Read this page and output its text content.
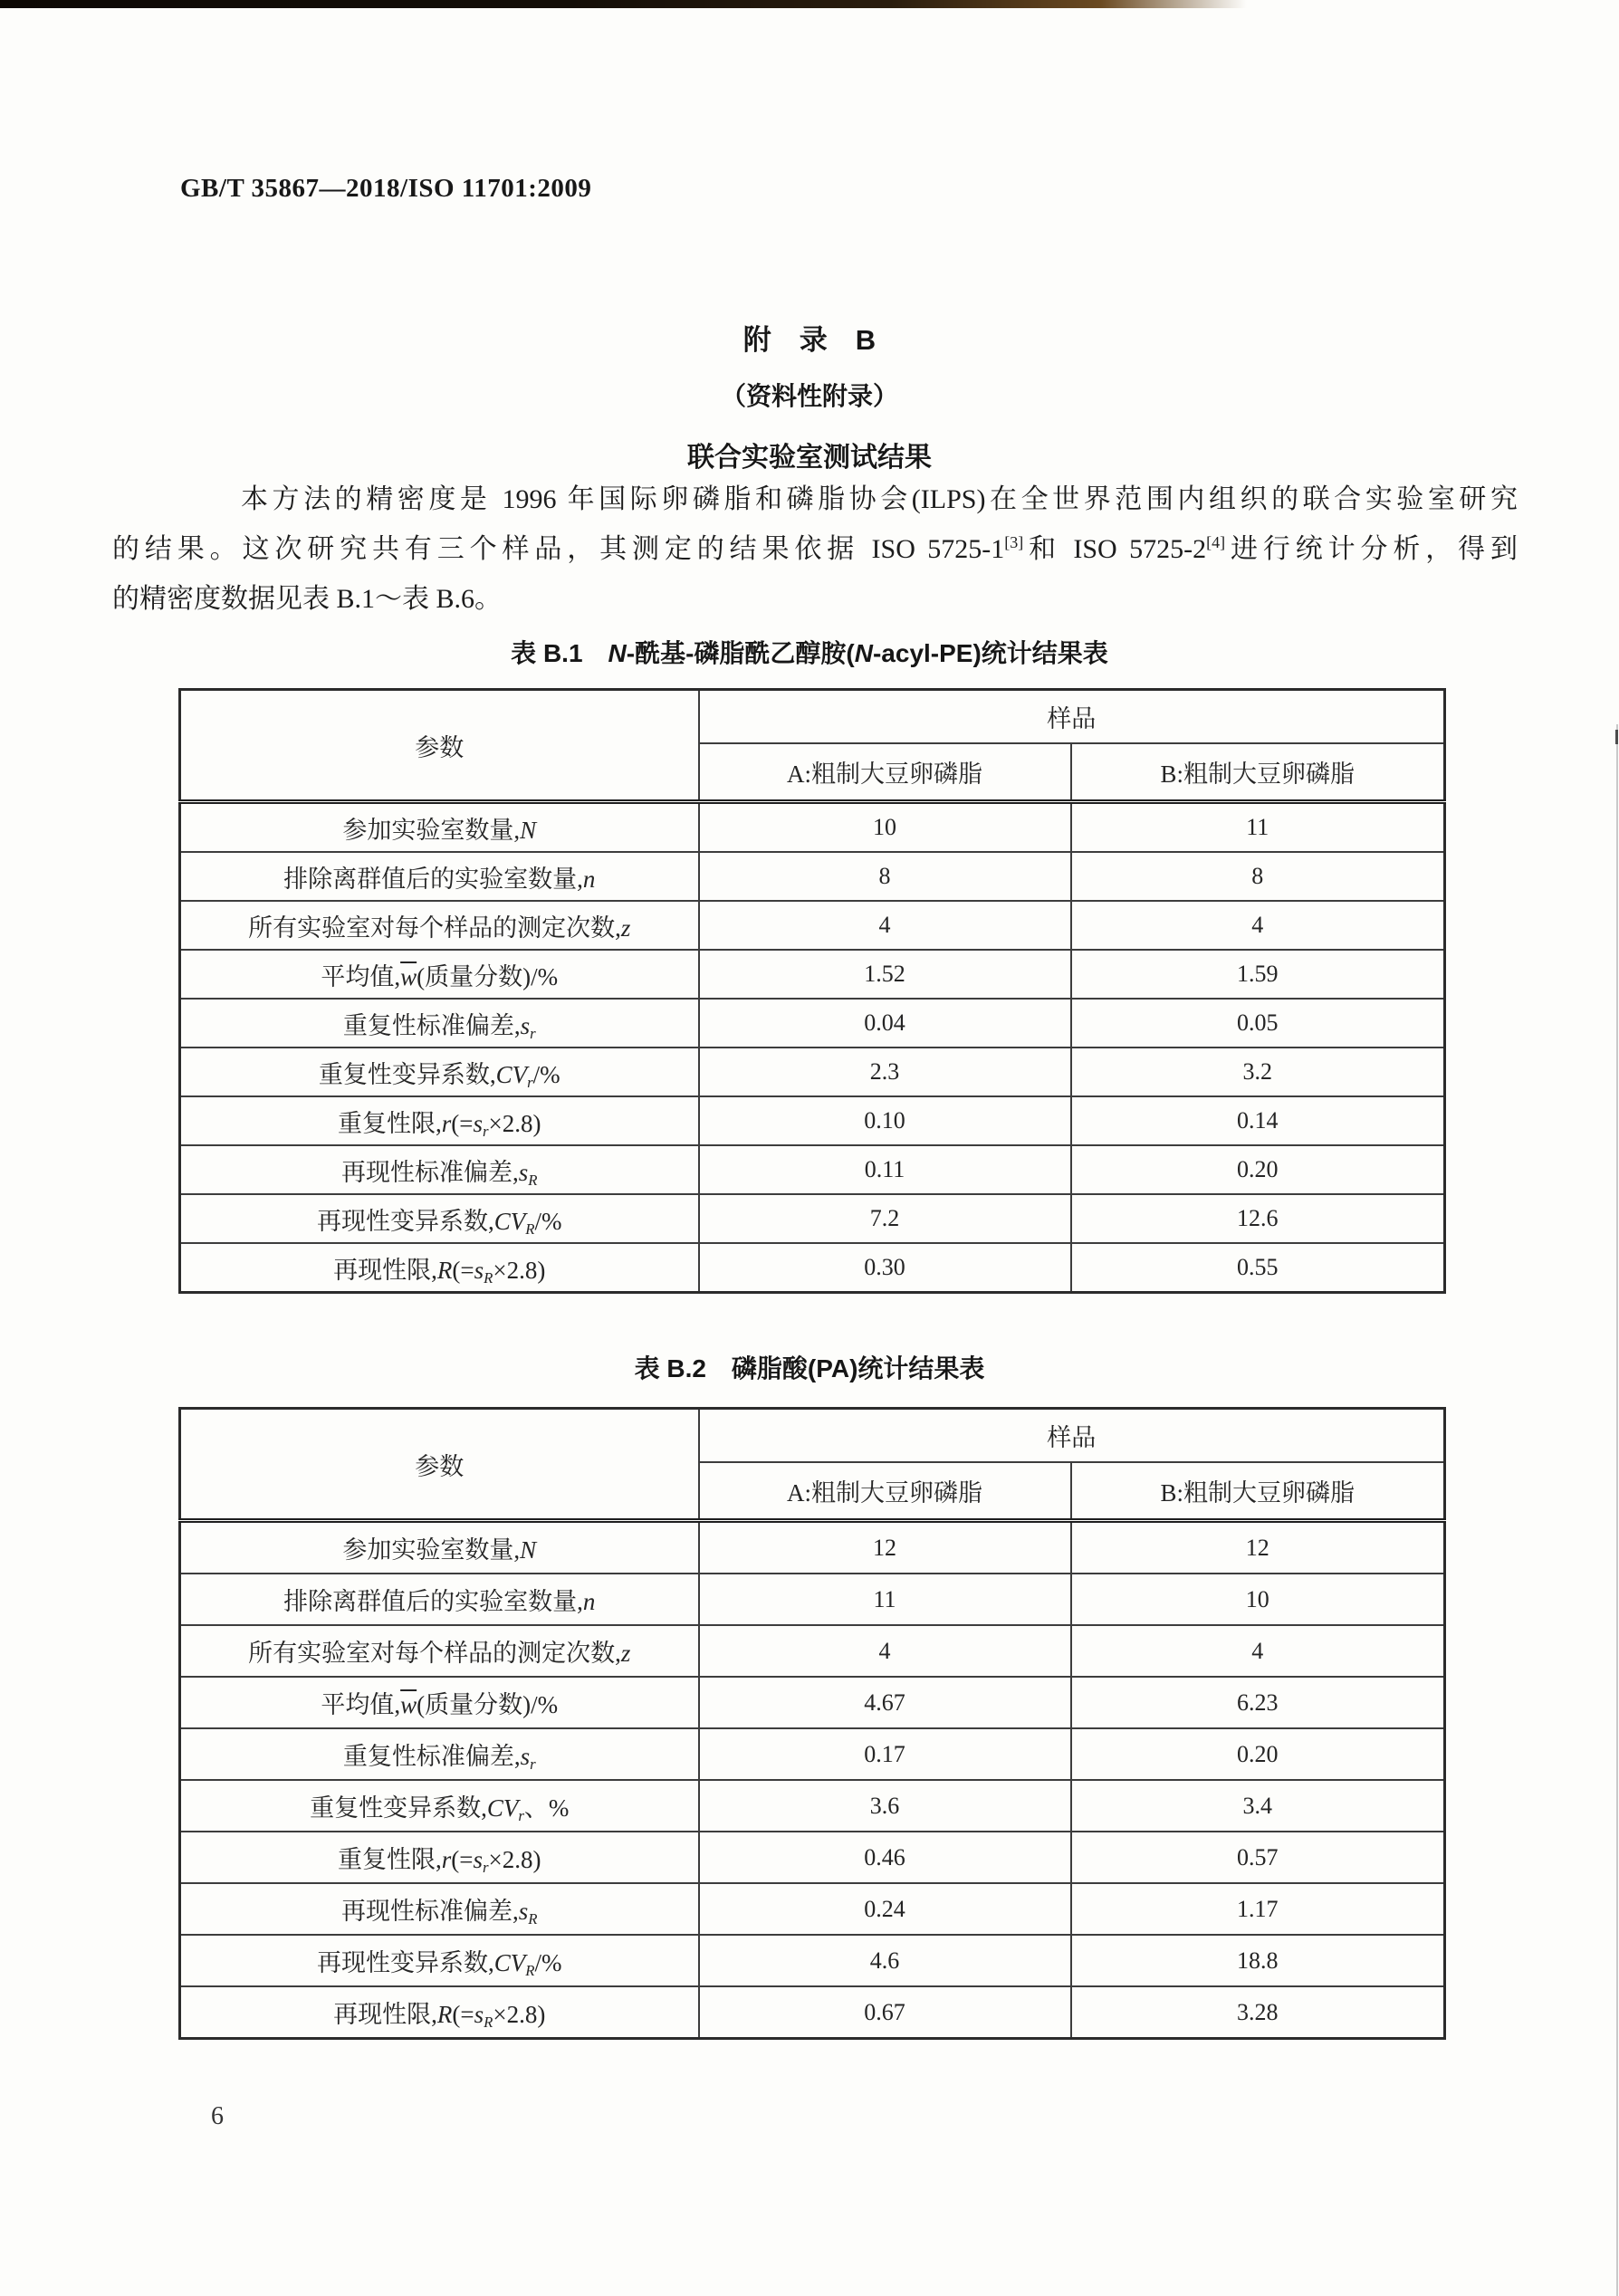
GB/T 35867—2018/ISO 11701:2009
附　录　B
（资料性附录）
联合实验室测试结果
本方法的精密度是 1996 年国际卵磷脂和磷脂协会(ILPS)在全世界范围内组织的联合实验室研究
的结果。这次研究共有三个样品，其测定的结果依据 ISO 5725-1[3]和 ISO 5725-2[4]进行统计分析，得到
的精密度数据见表 B.1～表 B.6。
表 B.1　N-酰基-磷脂酰乙醇胺(N-acyl-PE)统计结果表
参数	样品	
	A:粗制大豆卵磷脂	B:粗制大豆卵磷脂
参加实验室数量,N	10	11
排除离群值后的实验室数量,n	8	8
所有实验室对每个样品的测定次数,z	4	4
平均值$,\overline{w}$(质量分数)/%	1.52	1.59
重复性标准偏差$,s_r$	0.04	0.05
重复性变异系数$,CV_r/\%$	2.3	3.2
重复性限$,r(=s_r\times 2.8)$	0.10	0.14
再现性标准偏差$,s_R$	0.11	0.20
再现性变异系数$,CV_R/\%$	7.2	12.6
再现性限$,R(=s_R\times 2.8)$	0.30	0.55
表 B.2　磷脂酸(PA)统计结果表
参数	样品	
	A:粗制大豆卵磷脂	B:粗制大豆卵磷脂
参加实验室数量,N	12	12
排除离群值后的实验室数量,n	11	10
所有实验室对每个样品的测定次数,z	4	4
平均值$,\overline{w}$(质量分数)/%	4.67	6.23
重复性标准偏差$,s_r$	0.17	0.20
重复性变异系数$,CV_r$、%	3.6	3.4
重复性限$,r(=s_r\times 2.8)$	0.46	0.57
再现性标准偏差$,s_R$	0.24	1.17
再现性变异系数$,CV_R/\%$	4.6	18.8
再现性限$,R(=s_R\times 2.8)$	0.67	3.28
6
